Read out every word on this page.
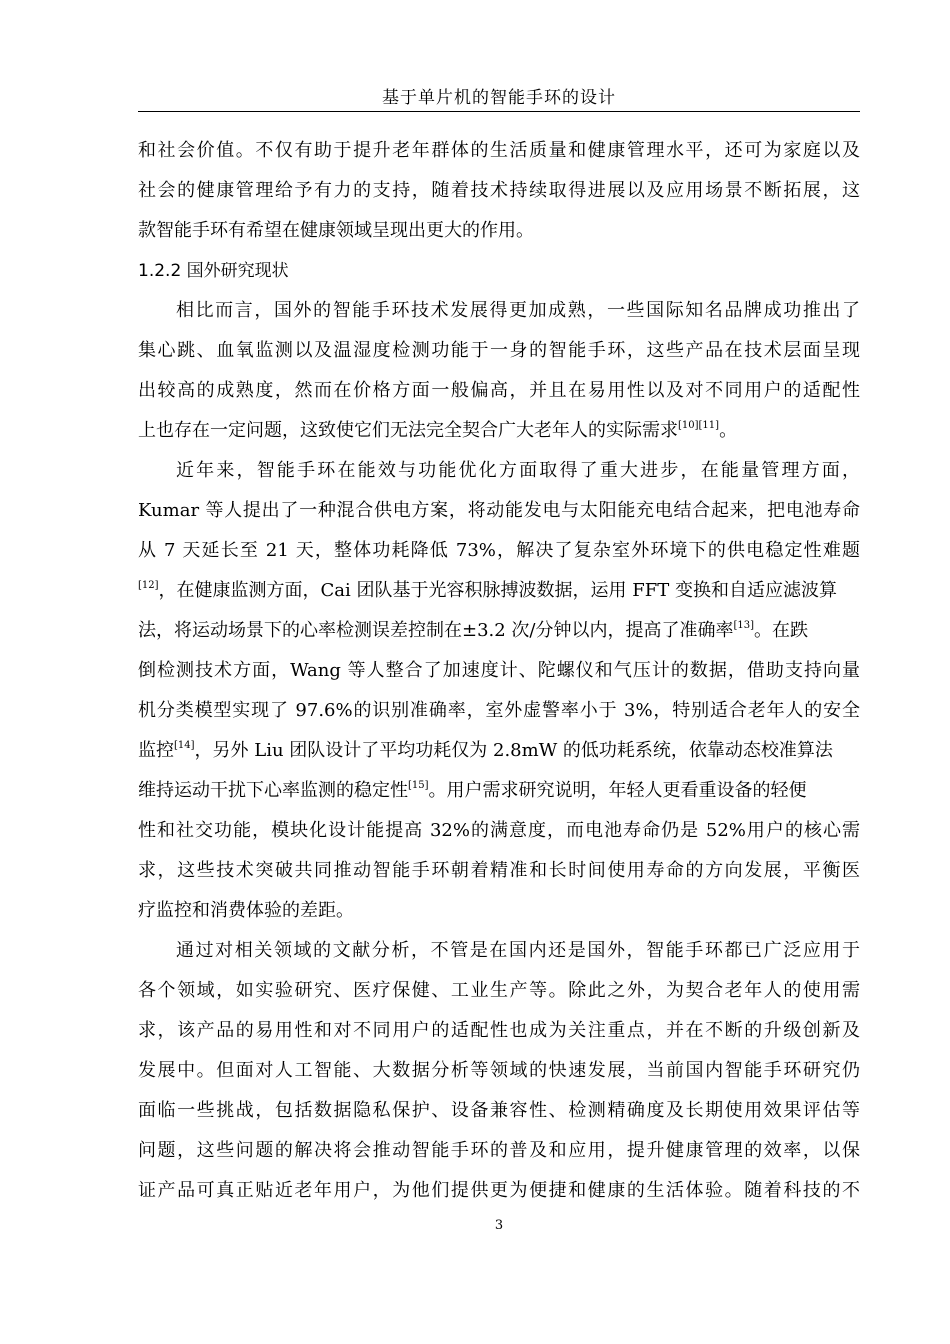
基于单片机的智能手环的设计
和社会价值。不仅有助于提升老年群体的生活质量和健康管理水平，还可为家庭以及
社会的健康管理给予有力的支持，随着技术持续取得进展以及应用场景不断拓展，这
款智能手环有希望在健康领域呈现出更大的作用。
1.2.2 国外研究现状
相比而言，国外的智能手环技术发展得更加成熟，一些国际知名品牌成功推出了
集心跳、血氧监测以及温湿度检测功能于一身的智能手环，这些产品在技术层面呈现
出较高的成熟度，然而在价格方面一般偏高，并且在易用性以及对不同用户的适配性
上也存在一定问题，这致使它们无法完全契合广大老年人的实际需求[10][11]。
近年来，智能手环在能效与功能优化方面取得了重大进步，在能量管理方面，
Kumar 等人提出了一种混合供电方案，将动能发电与太阳能充电结合起来，把电池寿命
从 7 天延长至 21 天，整体功耗降低 73%，解决了复杂室外环境下的供电稳定性难题
[12]，在健康监测方面，Cai 团队基于光容积脉搏波数据，运用 FFT 变换和自适应滤波算
法，将运动场景下的心率检测误差控制在±3.2 次/分钟以内，提高了准确率[13]。在跌
倒检测技术方面，Wang 等人整合了加速度计、陀螺仪和气压计的数据，借助支持向量
机分类模型实现了 97.6%的识别准确率，室外虚警率小于 3%，特别适合老年人的安全
监控[14]，另外 Liu 团队设计了平均功耗仅为 2.8mW 的低功耗系统，依靠动态校准算法
维持运动干扰下心率监测的稳定性[15]。用户需求研究说明，年轻人更看重设备的轻便
性和社交功能，模块化设计能提高 32%的满意度，而电池寿命仍是 52%用户的核心需
求，这些技术突破共同推动智能手环朝着精准和长时间使用寿命的方向发展，平衡医
疗监控和消费体验的差距。
通过对相关领域的文献分析，不管是在国内还是国外，智能手环都已广泛应用于
各个领域，如实验研究、医疗保健、工业生产等。除此之外，为契合老年人的使用需
求，该产品的易用性和对不同用户的适配性也成为关注重点，并在不断的升级创新及
发展中。但面对人工智能、大数据分析等领域的快速发展，当前国内智能手环研究仍
面临一些挑战，包括数据隐私保护、设备兼容性、检测精确度及长期使用效果评估等
问题，这些问题的解决将会推动智能手环的普及和应用，提升健康管理的效率，以保
证产品可真正贴近老年用户，为他们提供更为便捷和健康的生活体验。随着科技的不
3
